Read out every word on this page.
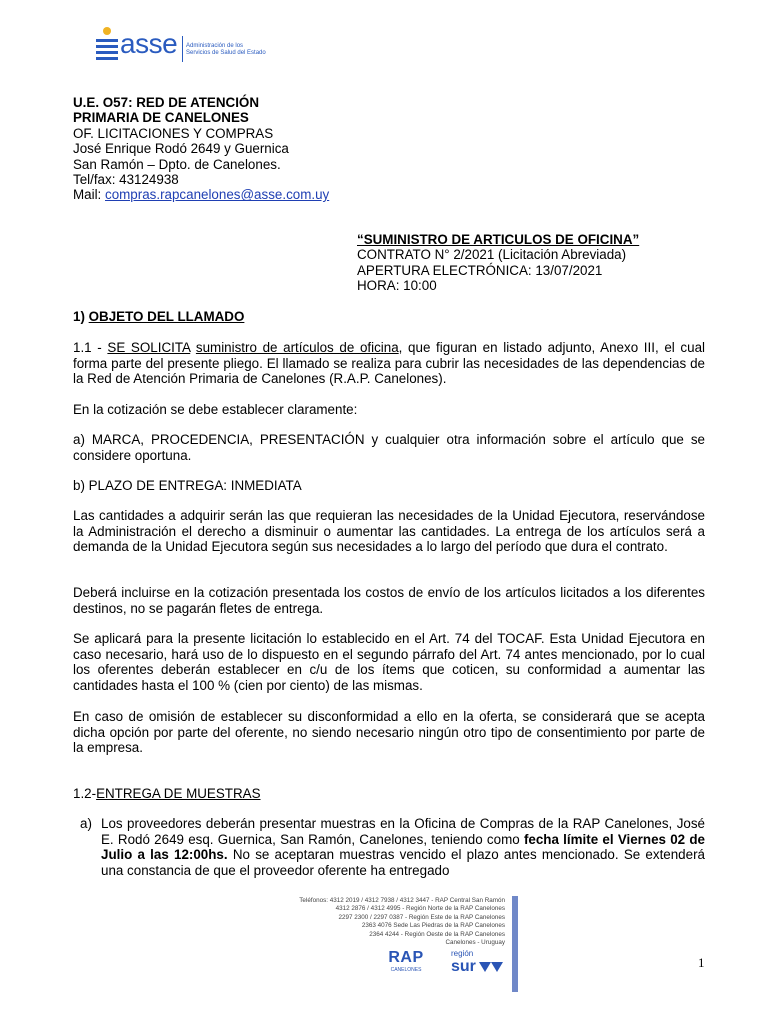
asse Administración de los
Servicios de Salud del Estado
U.E. O57: RED DE ATENCIÓN
PRIMARIA DE CANELONES
OF. LICITACIONES Y COMPRAS
José Enrique Rodó 2649 y Guernica
San Ramón – Dpto. de Canelones.
Tel/fax: 43124938
Mail: compras.rapcanelones@asse.com.uy
“SUMINISTRO DE ARTICULOS DE OFICINA”
CONTRATO N° 2/2021 (Licitación Abreviada)
APERTURA ELECTRÓNICA: 13/07/2021
HORA: 10:00
1) OBJETO DEL LLAMADO
1.1 - SE SOLICITA suministro de artículos de oficina, que figuran en listado adjunto, Anexo III, el cual forma parte del presente pliego. El llamado se realiza para cubrir las necesidades de las dependencias de la Red de Atención Primaria de Canelones (R.A.P. Canelones).
En la cotización se debe establecer claramente:
a) MARCA, PROCEDENCIA, PRESENTACIÓN y cualquier otra información sobre el artículo que se considere oportuna.
b) PLAZO DE ENTREGA: INMEDIATA
Las cantidades a adquirir serán las que requieran las necesidades de la Unidad Ejecutora, reservándose la Administración el derecho a disminuir o aumentar las cantidades. La entrega de los artículos será a demanda de la Unidad Ejecutora según sus necesidades a lo largo del período que dura el contrato.
Deberá incluirse en la cotización presentada los costos de envío de los artículos licitados a los diferentes destinos, no se pagarán fletes de entrega.
Se aplicará para la presente licitación lo establecido en el Art. 74 del TOCAF. Esta Unidad Ejecutora en caso necesario, hará uso de lo dispuesto en el segundo párrafo del Art. 74 antes mencionado, por lo cual los oferentes deberán establecer en c/u de los ítems que coticen, su conformidad a aumentar las cantidades hasta el 100 % (cien por ciento) de las mismas.
En caso de omisión de establecer su disconformidad a ello en la oferta, se considerará que se acepta dicha opción por parte del oferente, no siendo necesario ningún otro tipo de consentimiento por parte de la empresa.
1.2-ENTREGA DE MUESTRAS
a) Los proveedores deberán presentar muestras en la Oficina de Compras de la RAP Canelones, José E. Rodó 2649 esq. Guernica, San Ramón, Canelones, teniendo como fecha límite el Viernes 02 de Julio a las 12:00hs. No se aceptaran muestras vencido el plazo antes mencionado. Se extenderá una constancia de que el proveedor oferente ha entregado
Teléfonos: 4312 2019 / 4312 7938 / 4312 3447 - RAP Central San Ramón
4312 2876 / 4312 4995 - Región Norte de la RAP Canelones
2297 2300 / 2297 0387 - Región Este de la RAP Canelones
2363 4076 Sede Las Piedras de la RAP Canelones
2364 4244 - Región Oeste de la RAP Canelones
Canelones - Uruguay
RAP
CANELONES
región
sur	1
